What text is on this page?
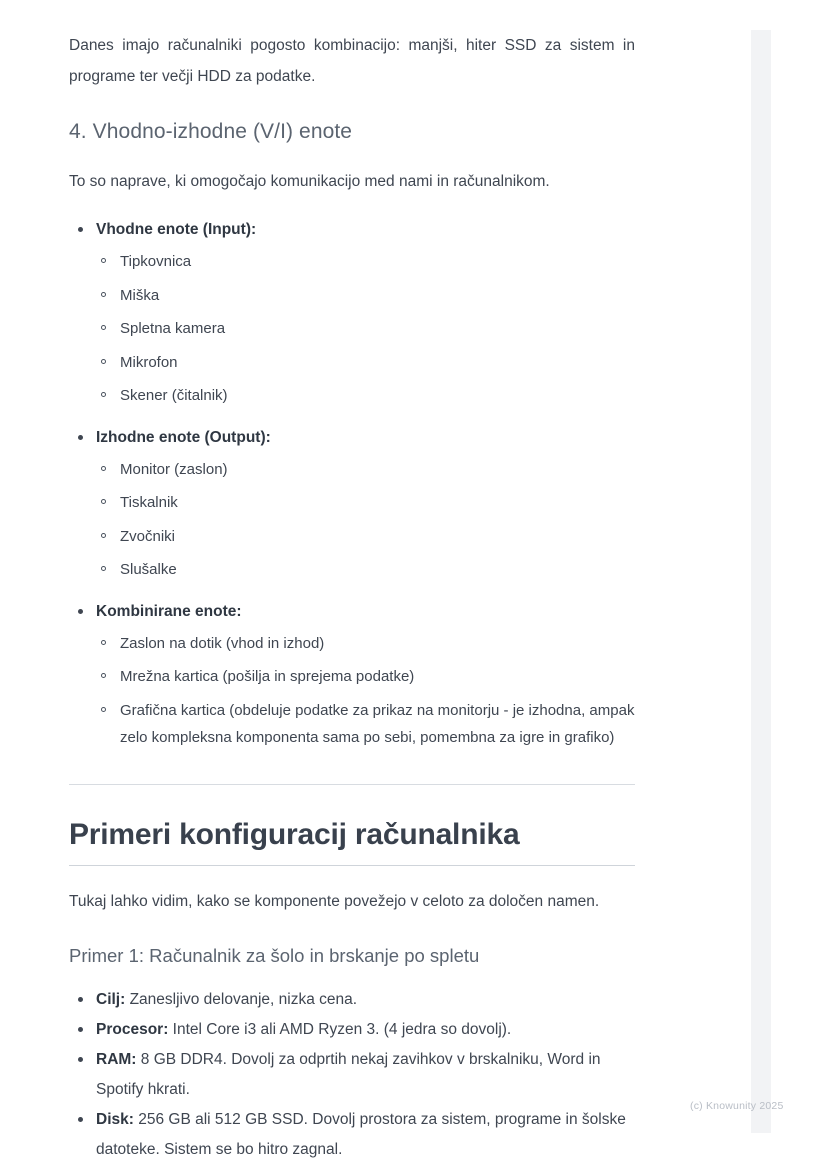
Danes imajo računalniki pogosto kombinacijo: manjši, hiter SSD za sistem in programe ter večji HDD za podatke.

4. Vhodno-izhodne (V/I) enote

To so naprave, ki omogočajo komunikacijo med nami in računalnikom.

Vhodne enote (Input):
Tipkovnica
Miška
Spletna kamera
Mikrofon
Skener (čitalnik)
Izhodne enote (Output):
Monitor (zaslon)
Tiskalnik
Zvočniki
Slušalke
Kombinirane enote:
Zaslon na dotik (vhod in izhod)
Mrežna kartica (pošilja in sprejema podatke)
Grafična kartica (obdeluje podatke za prikaz na monitorju - je izhodna, ampak zelo kompleksna komponenta sama po sebi, pomembna za igre in grafiko)
Primeri konfiguracij računalnika

Tukaj lahko vidim, kako se komponente povežejo v celoto za določen namen.

Primer 1: Računalnik za šolo in brskanje po spletu
Cilj: Zanesljivo delovanje, nizka cena.
Procesor: Intel Core i3 ali AMD Ryzen 3. (4 jedra so dovolj).
RAM: 8 GB DDR4. Dovolj za odprtih nekaj zavihkov v brskalniku, Word in Spotify hkrati.
Disk: 256 GB ali 512 GB SSD. Dovolj prostora za sistem, programe in šolske datoteke. Sistem se bo hitro zagnal.
(c) Knowunity 2025
